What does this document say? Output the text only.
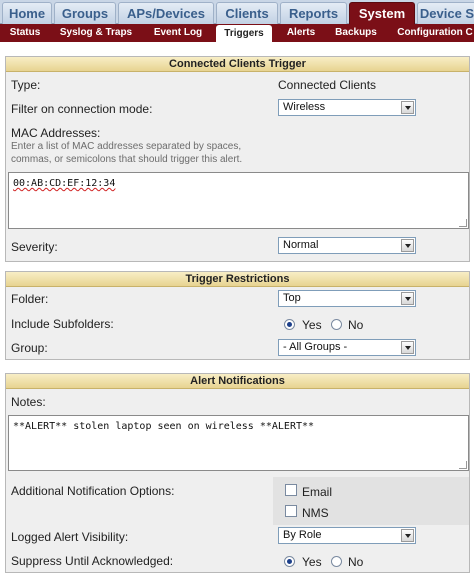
Home	Groups	APs/Devices	Clients	Reports	System	Device S
Status	Syslog & Traps	Event Log	Triggers	Alerts	Backups	Configuration C
Connected Clients Trigger
Type:	Connected Clients
Filter on connection mode:	Wireless
MAC Addresses:
Enter a list of MAC addresses separated by spaces,
commas, or semicolons that should trigger this alert.
00:AB:CD:EF:12:34
Severity:	Normal
Trigger Restrictions
Folder:	Top
Include Subfolders:	Yes No
Group:	- All Groups -
Alert Notifications
Notes:
**ALERT** stolen laptop seen on wireless **ALERT**
Additional Notification Options:	Email
NMS
Logged Alert Visibility:	By Role
Suppress Until Acknowledged:	Yes No
